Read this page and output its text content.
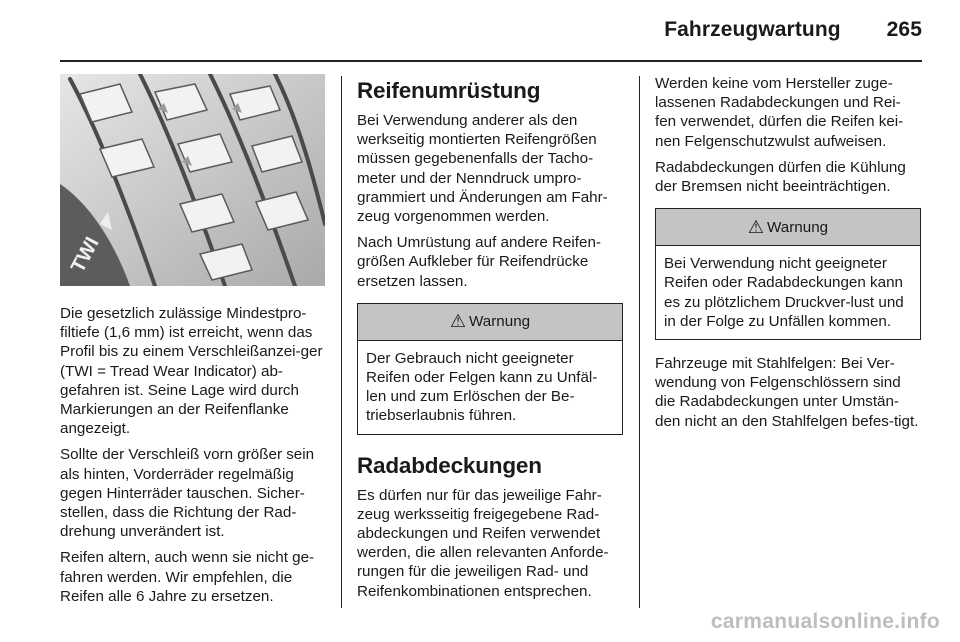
Fahrzeugwartung 265
TWI

Die gesetzlich zulässige Mindestpro-filtiefe (1,6 mm) ist erreicht, wenn das Profil bis zu einem Verschleißanzei-ger (TWI = Tread Wear Indicator) ab-gefahren ist. Seine Lage wird durch Markierungen an der Reifenflanke angezeigt.

Sollte der Verschleiß vorn größer sein als hinten, Vorderräder regelmäßig gegen Hinterräder tauschen. Sicher-stellen, dass die Richtung der Rad-drehung unverändert ist.

Reifen altern, auch wenn sie nicht ge-fahren werden. Wir empfehlen, die Reifen alle 6 Jahre zu ersetzen.

Reifenumrüstung

Bei Verwendung anderer als den werkseitig montierten Reifengrößen müssen gegebenenfalls der Tacho-meter und der Nenndruck umpro-grammiert und Änderungen am Fahr-zeug vorgenommen werden.

Nach Umrüstung auf andere Reifen-größen Aufkleber für Reifendrücke ersetzen lassen.

⚠ Warnung
Der Gebrauch nicht geeigneter Reifen oder Felgen kann zu Unfäl-len und zum Erlöschen der Be-triebserlaubnis führen.
Radabdeckungen

Es dürfen nur für das jeweilige Fahr-zeug werksseitig freigegebene Rad-abdeckungen und Reifen verwendet werden, die allen relevanten Anforde-rungen für die jeweiligen Rad- und Reifenkombinationen entsprechen.

Werden keine vom Hersteller zuge-lassenen Radabdeckungen und Rei-fen verwendet, dürfen die Reifen kei-nen Felgenschutzwulst aufweisen.

Radabdeckungen dürfen die Kühlung der Bremsen nicht beeinträchtigen.

⚠ Warnung
Bei Verwendung nicht geeigneter Reifen oder Radabdeckungen kann es zu plötzlichem Druckver-lust und in der Folge zu Unfällen kommen.

Fahrzeuge mit Stahlfelgen: Bei Ver-wendung von Felgenschlössern sind die Radabdeckungen unter Umstän-den nicht an den Stahlfelgen befes-tigt.

carmanualsonline.info
